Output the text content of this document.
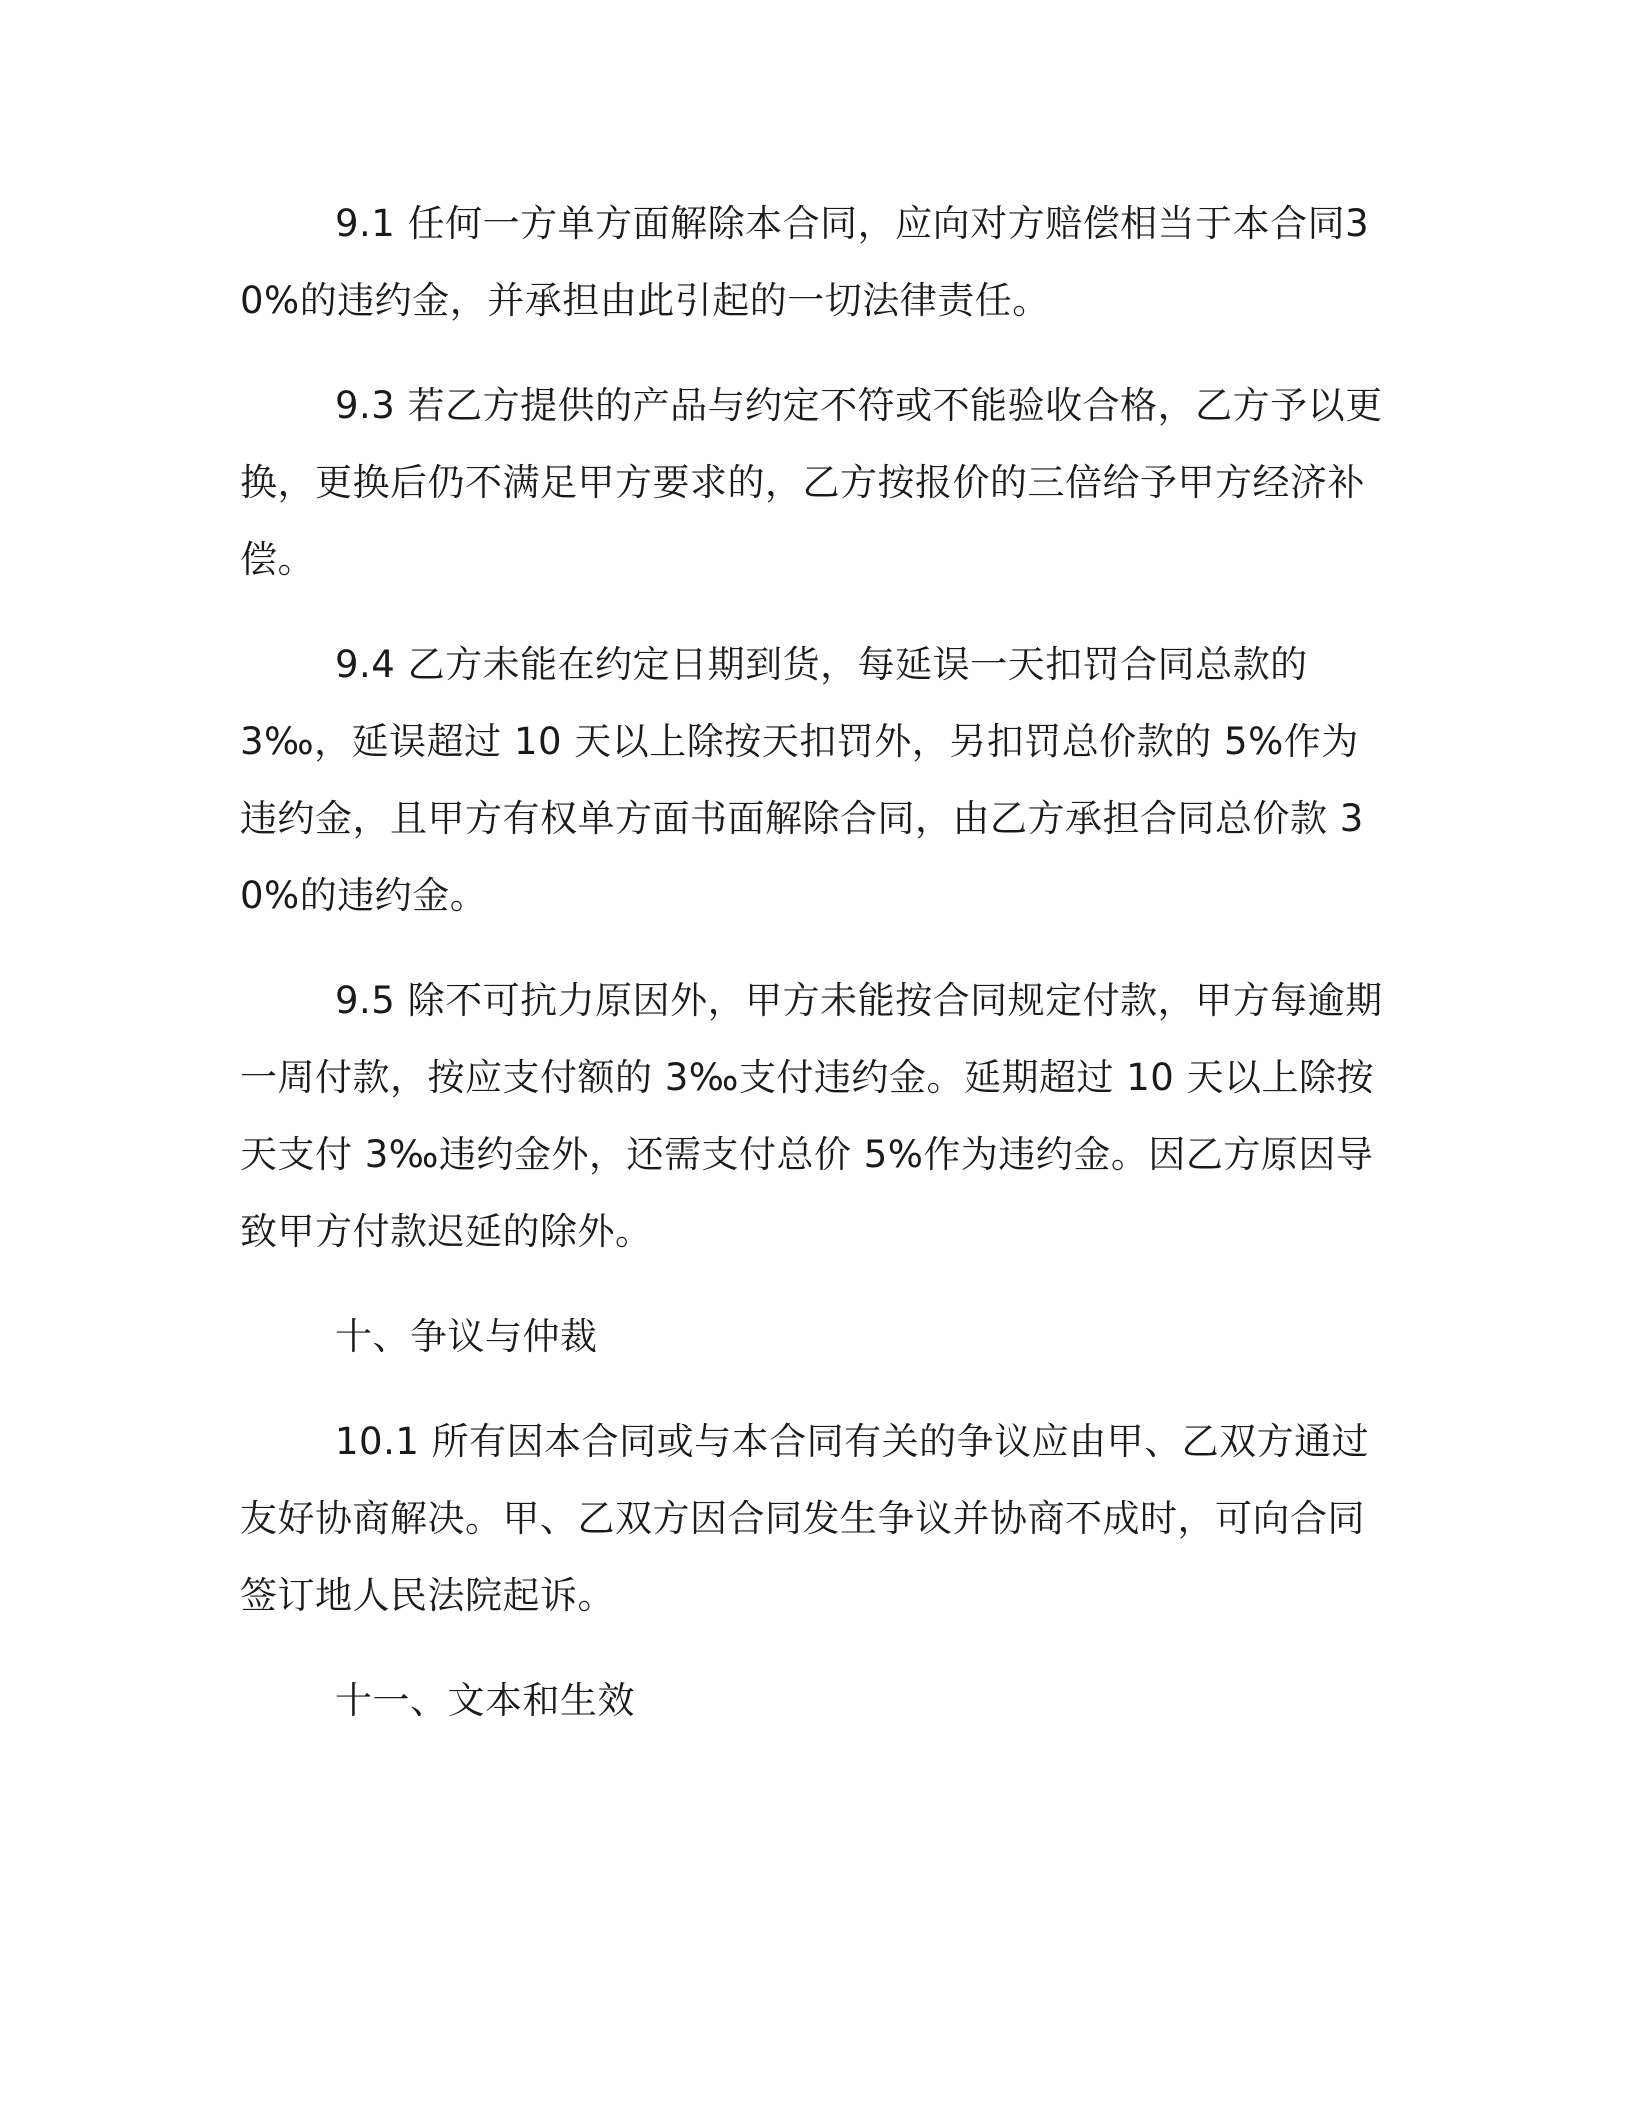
9.1 任何一方单方面解除本合同，应向对方赔偿相当于本合同30%的违约金，并承担由此引起的一切法律责任。

9.3 若乙方提供的产品与约定不符或不能验收合格，乙方予以更换，更换后仍不满足甲方要求的，乙方按报价的三倍给予甲方经济补偿。

9.4 乙方未能在约定日期到货，每延误一天扣罚合同总款的 3‰，延误超过 10 天以上除按天扣罚外，另扣罚总价款的 5%作为违约金，且甲方有权单方面书面解除合同，由乙方承担合同总价款 30%的违约金。

9.5 除不可抗力原因外，甲方未能按合同规定付款，甲方每逾期一周付款，按应支付额的 3‰支付违约金。延期超过 10 天以上除按天支付 3‰违约金外，还需支付总价 5%作为违约金。因乙方原因导致甲方付款迟延的除外。

十、争议与仲裁

10.1 所有因本合同或与本合同有关的争议应由甲、乙双方通过友好协商解决。甲、乙双方因合同发生争议并协商不成时，可向合同签订地人民法院起诉。

十一、文本和生效
